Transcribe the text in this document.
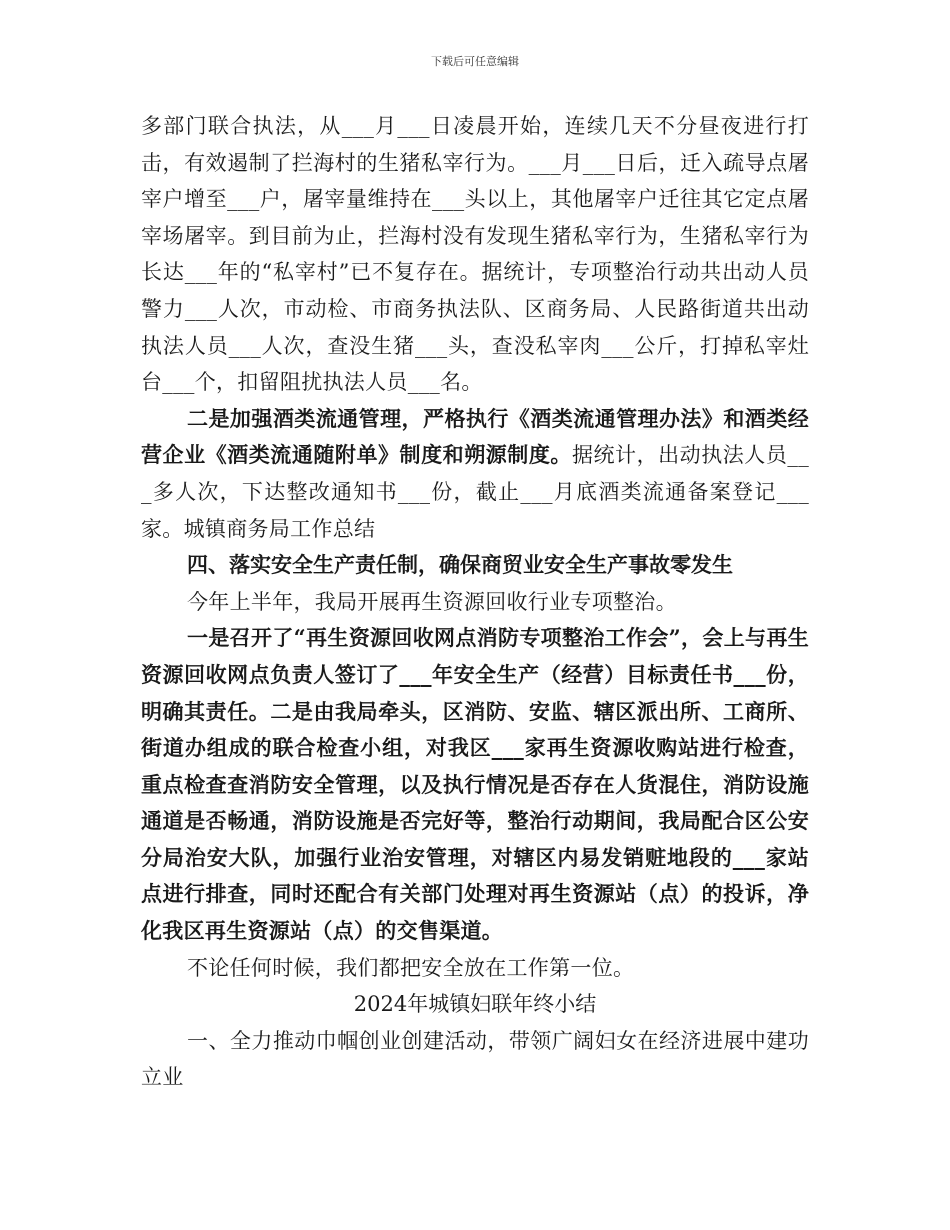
下载后可任意编辑

多部门联合执法，从___月___日凌晨开始，连续几天不分昼夜进行打击，有效遏制了拦海村的生猪私宰行为。___月___日后，迁入疏导点屠宰户增至___户，屠宰量维持在___头以上，其他屠宰户迁往其它定点屠宰场屠宰。到目前为止，拦海村没有发现生猪私宰行为，生猪私宰行为长达___年的“私宰村”已不复存在。据统计，专项整治行动共出动人员警力___人次，市动检、市商务执法队、区商务局、人民路街道共出动执法人员___人次，查没生猪___头，查没私宰肉___公斤，打掉私宰灶台___个，扣留阻扰执法人员___名。

二是加强酒类流通管理，严格执行《酒类流通管理办法》和酒类经营企业《酒类流通随附单》制度和朔源制度。据统计，出动执法人员___多人次，下达整改通知书___份，截止___月底酒类流通备案登记___家。城镇商务局工作总结

四、落实安全生产责任制，确保商贸业安全生产事故零发生

今年上半年，我局开展再生资源回收行业专项整治。

一是召开了“再生资源回收网点消防专项整治工作会”，会上与再生资源回收网点负责人签订了___年安全生产（经营）目标责任书___份，明确其责任。二是由我局牵头，区消防、安监、辖区派出所、工商所、街道办组成的联合检查小组，对我区___家再生资源收购站进行检查，重点检查查消防安全管理，以及执行情况是否存在人货混住，消防设施通道是否畅通，消防设施是否完好等，整治行动期间，我局配合区公安分局治安大队，加强行业治安管理，对辖区内易发销赃地段的___家站点进行排查，同时还配合有关部门处理对再生资源站（点）的投诉，净化我区再生资源站（点）的交售渠道。

不论任何时候，我们都把安全放在工作第一位。

2024年城镇妇联年终小结

一、全力推动巾帼创业创建活动，带领广阔妇女在经济进展中建功立业
